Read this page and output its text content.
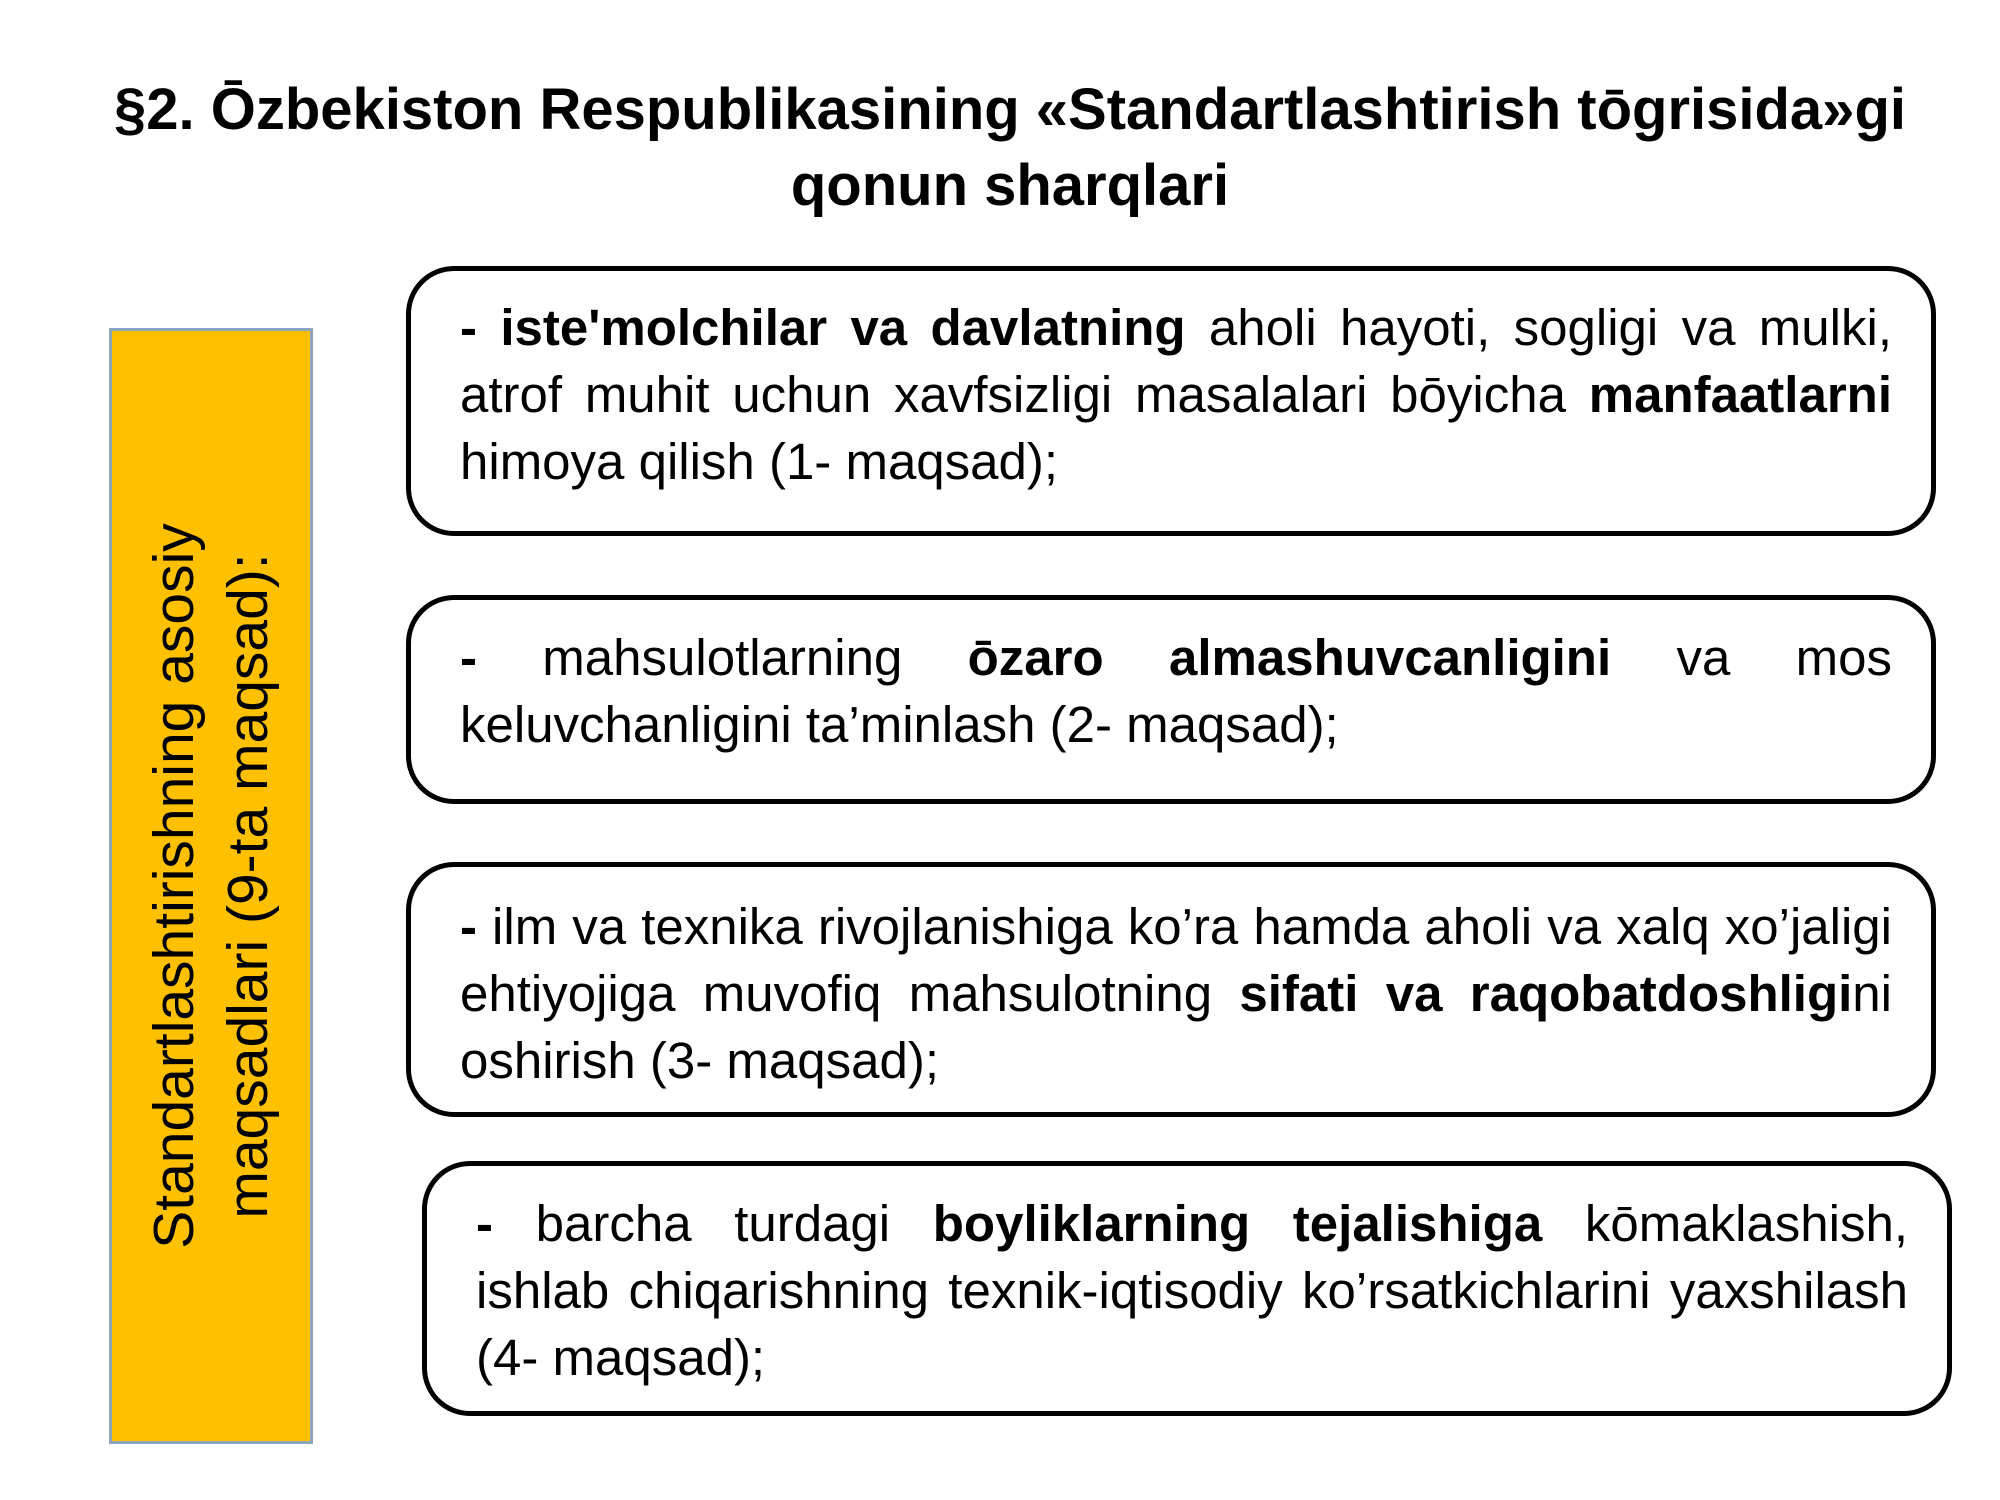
§2. Ōzbekiston Respublikasining «Standartlashtirish tōgrisida»gi
qonun sharqlari
Standartlashtirishning asosiy maqsadlari (9-ta maqsad):
- iste'molchilar va davlatning aholi hayoti, sogligi va mulki, atrof muhit uchun xavfsizligi masalalari bōyicha manfaatlarni himoya qilish (1- maqsad);
- mahsulotlarning ōzaro almashuvcanligini va mos keluvchanligini ta’minlash (2- maqsad);
- ilm va texnika rivojlanishiga ko’ra hamda aholi va xalq xo’jaligi ehtiyojiga muvofiq mahsulotning sifati va raqobatdoshligini oshirish (3- maqsad);
- barcha turdagi boyliklarning tejalishiga kōmaklashish, ishlab chiqarishning texnik-iqtisodiy ko’rsatkichlarini yaxshilash (4- maqsad);
